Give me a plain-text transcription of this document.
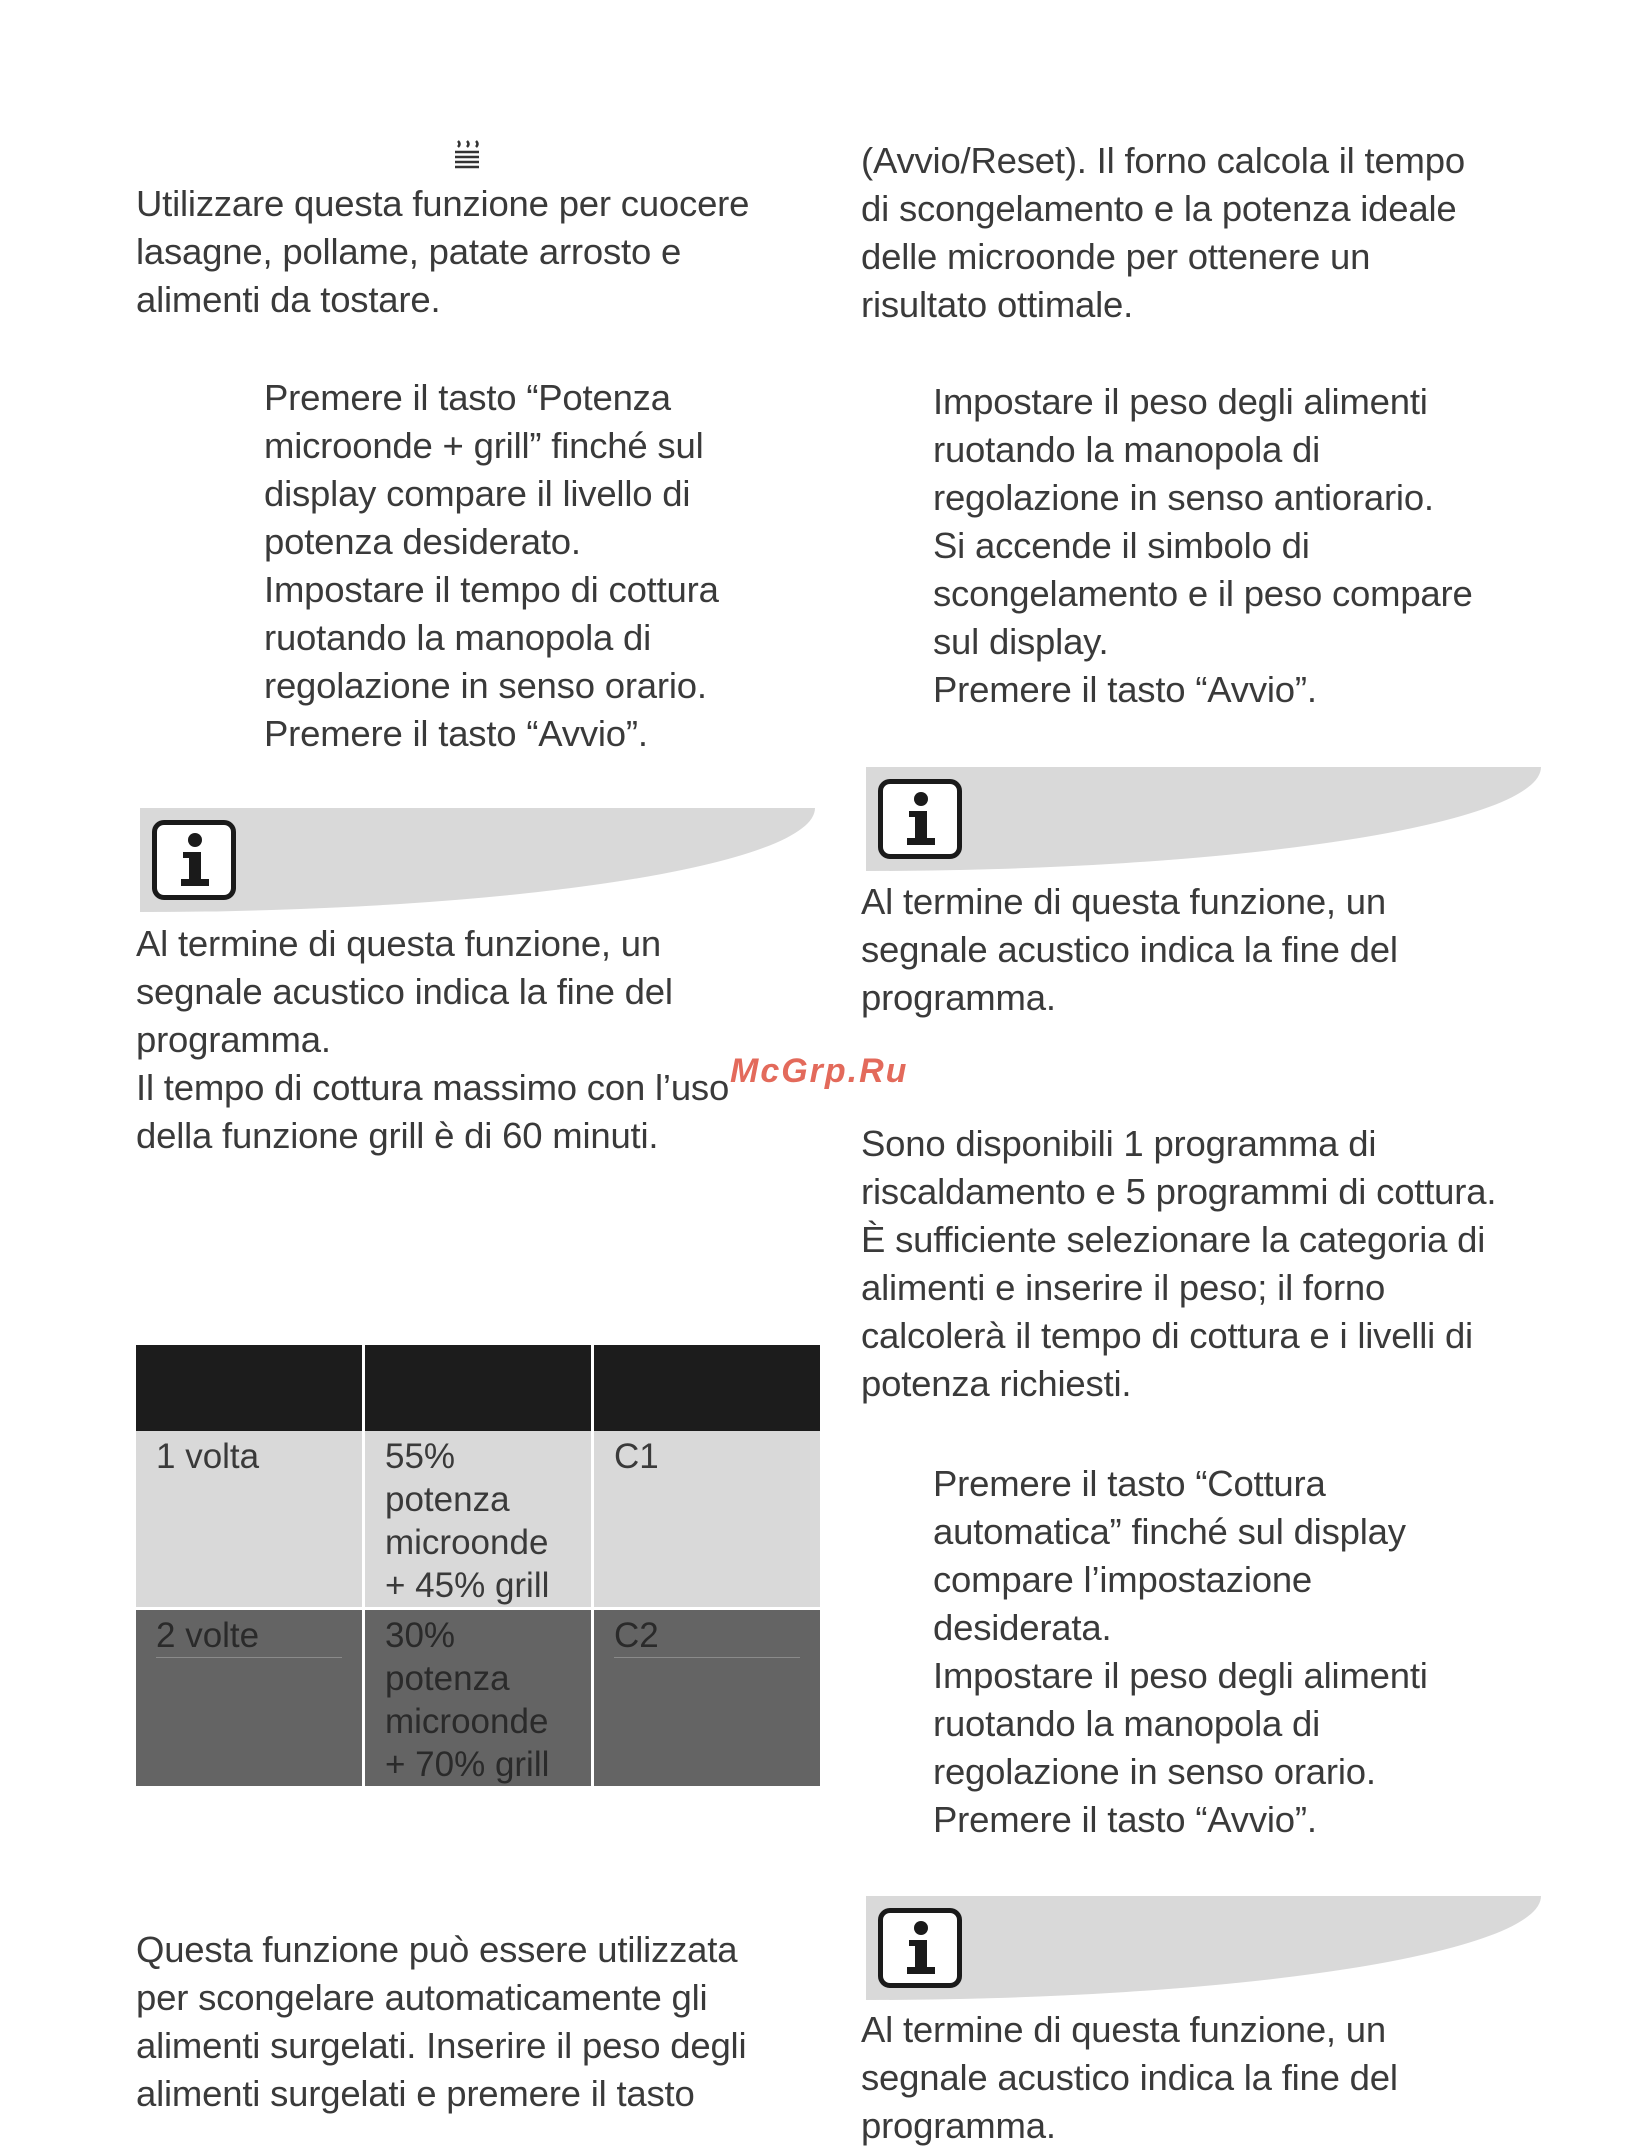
Utilizzare questa funzione per cuocere
lasagne, pollame, patate arrosto e
alimenti da tostare.
Premere il tasto “Potenza
microonde + grill” finché sul
display compare il livello di
potenza desiderato.
Impostare il tempo di cottura
ruotando la manopola di
regolazione in senso orario.
Premere il tasto “Avvio”.
Al termine di questa funzione, un
segnale acustico indica la fine del
programma.
Il tempo di cottura massimo con l’uso
della funzione grill è di 60 minuti.

1 volta	55%
potenza
microonde
+ 45% grill	C1

2 volte	30%
potenza
microonde
+ 70% grill	C2
Questa funzione può essere utilizzata
per scongelare automaticamente gli
alimenti surgelati. Inserire il peso degli
alimenti surgelati e premere il tasto
(Avvio/Reset). Il forno calcola il tempo
di scongelamento e la potenza ideale
delle microonde per ottenere un
risultato ottimale.
Impostare il peso degli alimenti
ruotando la manopola di
regolazione in senso antiorario.
Si accende il simbolo di
scongelamento e il peso compare
sul display.
Premere il tasto “Avvio”.
Al termine di questa funzione, un
segnale acustico indica la fine del
programma.
McGrp.Ru
Sono disponibili 1 programma di
riscaldamento e 5 programmi di cottura.
È sufficiente selezionare la categoria di
alimenti e inserire il peso; il forno
calcolerà il tempo di cottura e i livelli di
potenza richiesti.
Premere il tasto “Cottura
automatica” finché sul display
compare l’impostazione
desiderata.
Impostare il peso degli alimenti
ruotando la manopola di
regolazione in senso orario.
Premere il tasto “Avvio”.
Al termine di questa funzione, un
segnale acustico indica la fine del
programma.
